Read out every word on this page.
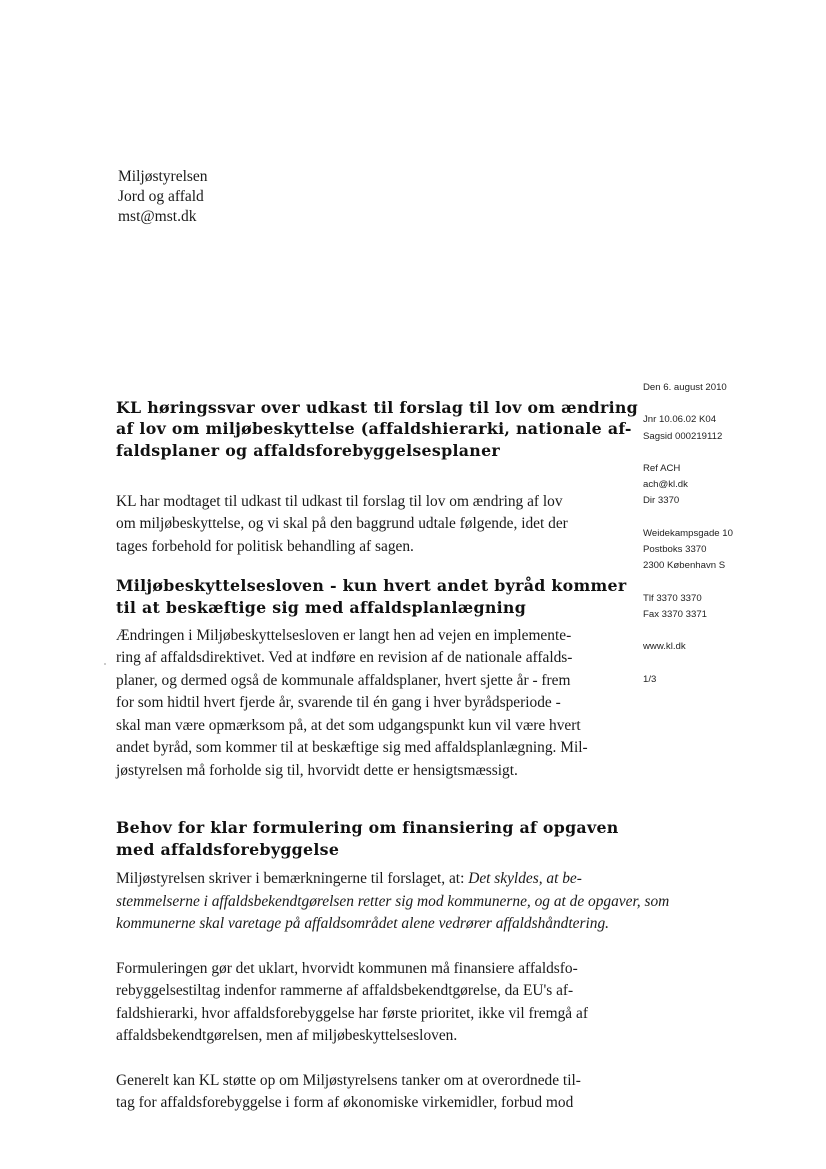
Miljøstyrelsen
Jord og affald
mst@mst.dk
Den 6. august 2010
Jnr 10.06.02 K04
Sagsid 000219112
Ref ACH
ach@kl.dk
Dir 3370
Weidekampsgade 10
Postboks 3370
2300 København S
Tlf 3370 3370
Fax 3370 3371
www.kl.dk
1/3
KL høringssvar over udkast til forslag til lov om ændring
af lov om miljøbeskyttelse (affaldshierarki, nationale af-
faldsplaner og affaldsforebyggelsesplaner

KL har modtaget til udkast til udkast til forslag til lov om ændring af lov
om miljøbeskyttelse, og vi skal på den baggrund udtale følgende, idet der
tages forbehold for politisk behandling af sagen.

Miljøbeskyttelsesloven - kun hvert andet byråd kommer
til at beskæftige sig med affaldsplanlægning

Ændringen i Miljøbeskyttelsesloven er langt hen ad vejen en implemente-
ring af affaldsdirektivet. Ved at indføre en revision af de nationale affalds-
planer, og dermed også de kommunale affaldsplaner, hvert sjette år - frem
for som hidtil hvert fjerde år, svarende til én gang i hver byrådsperiode -
skal man være opmærksom på, at det som udgangspunkt kun vil være hvert
andet byråd, som kommer til at beskæftige sig med affaldsplanlægning. Mil-
jøstyrelsen må forholde sig til, hvorvidt dette er hensigtsmæssigt.

Behov for klar formulering om finansiering af opgaven
med affaldsforebyggelse

Miljøstyrelsen skriver i bemærkningerne til forslaget, at: Det skyldes, at be-
stemmelserne i affaldsbekendtgørelsen retter sig mod kommunerne, og at de opgaver, som
kommunerne skal varetage på affaldsområdet alene vedrører affaldshåndtering.

Formuleringen gør det uklart, hvorvidt kommunen må finansiere affaldsfo-
rebyggelsestiltag indenfor rammerne af affaldsbekendtgørelse, da EU's af-
faldshierarki, hvor affaldsforebyggelse har første prioritet, ikke vil fremgå af
affaldsbekendtgørelsen, men af miljøbeskyttelsesloven.

Generelt kan KL støtte op om Miljøstyrelsens tanker om at overordnede til-
tag for affaldsforebyggelse i form af økonomiske virkemidler, forbud mod
